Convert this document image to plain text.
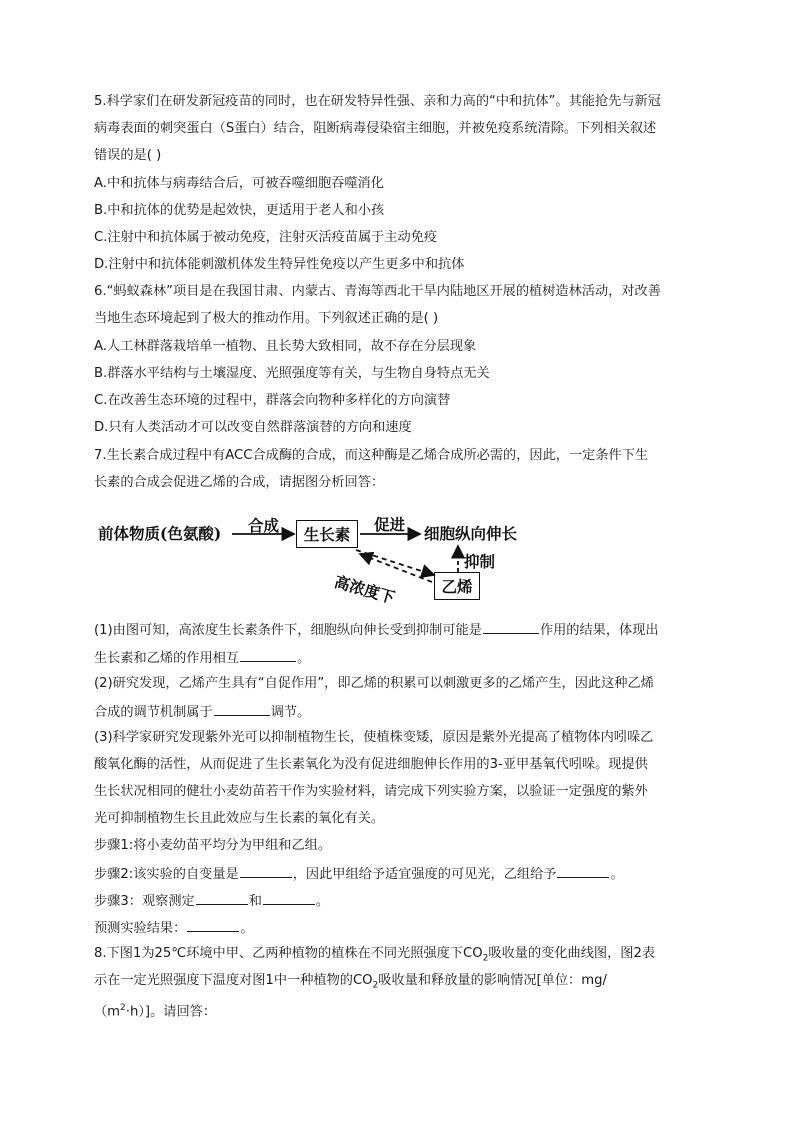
5.科学家们在研发新冠疫苗的同时，也在研发特异性强、亲和力高的“中和抗体”。其能抢先与新冠
病毒表面的刺突蛋白（S蛋白）结合，阻断病毒侵染宿主细胞，并被免疫系统清除。下列相关叙述
错误的是( )
A.中和抗体与病毒结合后，可被吞噬细胞吞噬消化
B.中和抗体的优势是起效快，更适用于老人和小孩
C.注射中和抗体属于被动免疫，注射灭活疫苗属于主动免疫
D.注射中和抗体能刺激机体发生特异性免疫以产生更多中和抗体
6.“蚂蚁森林”项目是在我国甘肃、内蒙古、青海等西北干旱内陆地区开展的植树造林活动，对改善
当地生态环境起到了极大的推动作用。下列叙述正确的是( )
A.人工林群落栽培单一植物、且长势大致相同，故不存在分层现象
B.群落水平结构与土壤湿度、光照强度等有关，与生物自身特点无关
C.在改善生态环境的过程中，群落会向物种多样化的方向演替
D.只有人类活动才可以改变自然群落演替的方向和速度
7.生长素合成过程中有ACC合成酶的合成，而这种酶是乙烯合成所必需的，因此，一定条件下生
长素的合成会促进乙烯的合成，请据图分析回答：
前体物质(色氨酸) 合成	生长素
促进 细胞纵向伸长
抑制
高浓度下	乙烯
(1)由图可知，高浓度生长素条件下，细胞纵向伸长受到抑制可能是	作用的结果，体现出
生长素和乙烯的作用相互	。
(2)研究发现，乙烯产生具有“自促作用”，即乙烯的积累可以刺激更多的乙烯产生，因此这种乙烯
合成的调节机制属于	调节。
(3)科学家研究发现紫外光可以抑制植物生长，使植株变矮，原因是紫外光提高了植物体内吲哚乙
酸氧化酶的活性，从而促进了生长素氧化为没有促进细胞伸长作用的3-亚甲基氧代吲哚。现提供
生长状况相同的健壮小麦幼苗若干作为实验材料，请完成下列实验方案，以验证一定强度的紫外
光可抑制植物生长且此效应与生长素的氧化有关。
步骤1:将小麦幼苗平均分为甲组和乙组。
步骤2:该实验的自变量是	，因此甲组给予适宜强度的可见光，乙组给予	。
步骤3：观察测定	和	。
预测实验结果：	。
8.下图1为25℃环境中甲、乙两种植物的植株在不同光照强度下$CO_2$吸收量的变化曲线图，图2表
示在一定光照强度下温度对图1中一种植物的$CO_2$吸收量和释放量的影响情况[单位：mg/
$(m^2\cdot h)$]。请回答：
